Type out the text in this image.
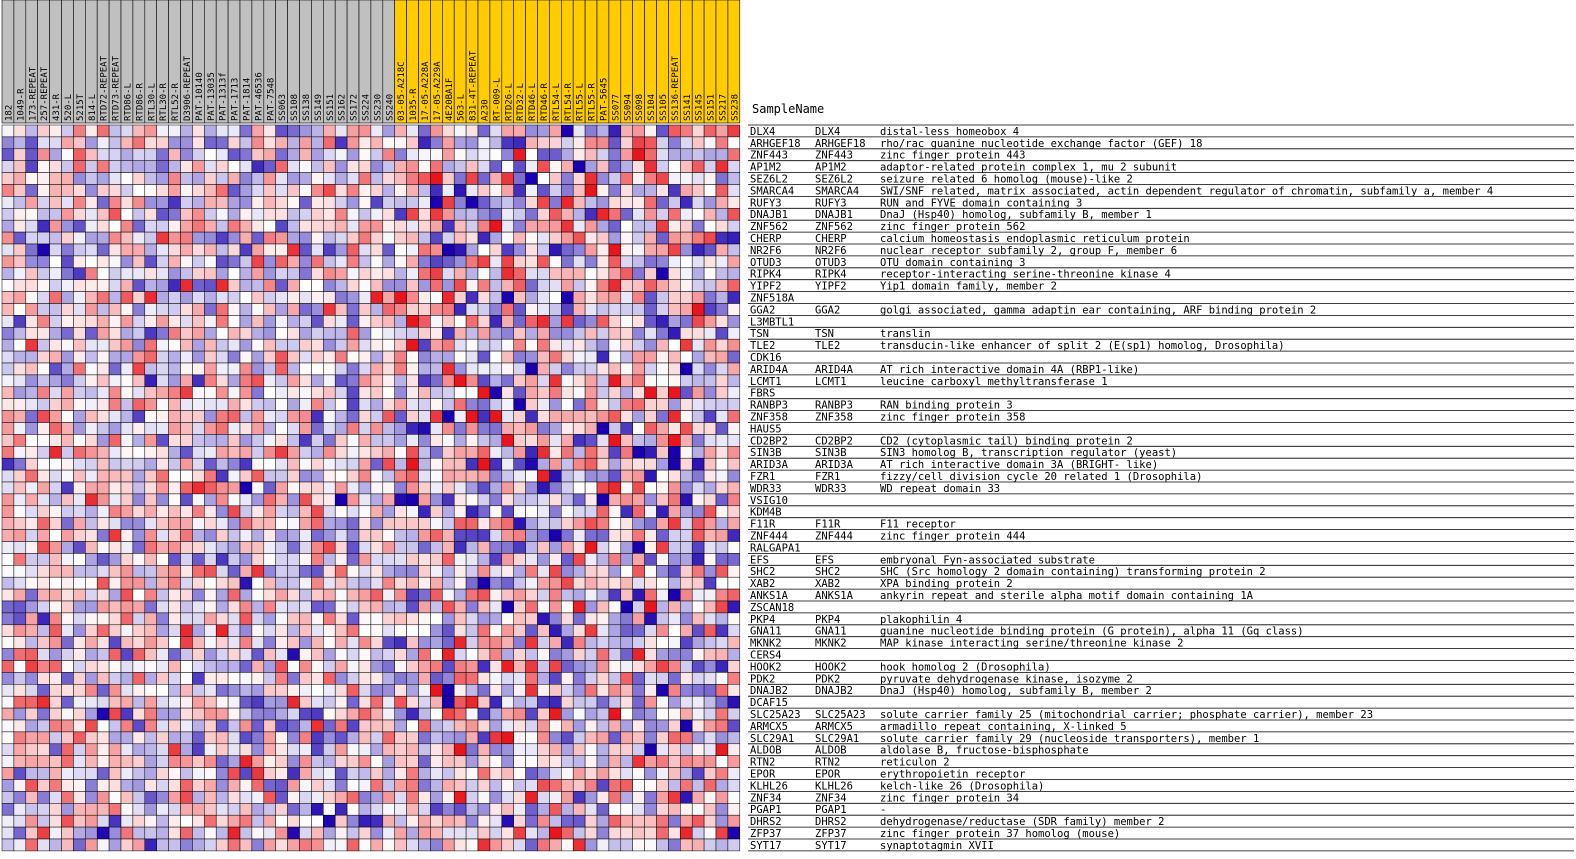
182 1049-R 173-REPEAT 257-REPEAT 431-R 520-L 5215T 814-L RTD72-REPEAT RTD73-REPEAT RTD86-L RTD86-R RTL30-L RTL30-R RTL52-R D3906-REPEAT PAT-10140 PAT-13035 PAT-1313f PAT-1713 PAT-1814 PAT-46536 PAT-7548 SS063 SS108 SS138 SS149 SS151 SS162 SS172 SS224 SS230 SS240 03-05-A218C 1035-R 17-05-A228A 17-05-A229A 4E20BA1F 563-L 831-4T-REPEAT A230 RT-009-L RTD26-L RTD32-L RTD46-L RTD46-R RTL54-L RTL54-R RTL55-L RTL55-R PAT-5645 SS077 SS094 SS098 SS104 SS105 SS136-REPEAT SS141 SS145 SS151 SS217 SS238 SampleName
DLX4	DLX4	distal-less homeobox 4
ARHGEF18 ARHGEF18 rho/rac guanine nucleotide exchange factor (GEF) 18
ZNF443	ZNF443	zinc finger protein 443
AP1M2	AP1M2	adaptor-related protein complex 1, mu 2 subunit
SEZ6L2	SEZ6L2	seizure related 6 homolog (mouse)-like 2
SMARCA4 SMARCA4 SWI/SNF related, matrix associated, actin dependent regulator of chromatin, subfamily a, member 4
RUFY3	RUFY3	RUN and FYVE domain containing 3
DNAJB1	DNAJB1	DnaJ (Hsp40) homolog, subfamily B, member 1
ZNF562	ZNF562	zinc finger protein 562
CHERP	CHERP	calcium homeostasis endoplasmic reticulum protein
NR2F6	NR2F6	nuclear receptor subfamily 2, group F, member 6
OTUD3	OTUD3	OTU domain containing 3
RIPK4	RIPK4	receptor-interacting serine-threonine kinase 4
YIPF2	YIPF2	Yip1 domain family, member 2
ZNF518A
GGA2	GGA2	golgi associated, gamma adaptin ear containing, ARF binding protein 2
L3MBTL1
TSN	TSN	translin
TLE2	TLE2	transducin-like enhancer of split 2 (E(sp1) homolog, Drosophila)
CDK16
ARID4A	ARID4A	AT rich interactive domain 4A (RBP1-like)
LCMT1	LCMT1	leucine carboxyl methyltransferase 1
FBRS
RANBP3	RANBP3	RAN binding protein 3
ZNF358	ZNF358	zinc finger protein 358
HAUS5
CD2BP2	CD2BP2	CD2 (cytoplasmic tail) binding protein 2
SIN3B	SIN3B	SIN3 homolog B, transcription regulator (yeast)
ARID3A	ARID3A	AT rich interactive domain 3A (BRIGHT- like)
FZR1	FZR1	fizzy/cell division cycle 20 related 1 (Drosophila)
WDR33	WDR33	WD repeat domain 33
VSIG10
KDM4B
F11R	F11R	F11 receptor
ZNF444	ZNF444	zinc finger protein 444
RALGAPA1
EFS	EFS	embryonal Fyn-associated substrate
SHC2	SHC2	SHC (Src homology 2 domain containing) transforming protein 2
XAB2	XAB2	XPA binding protein 2
ANKS1A	ANKS1A	ankyrin repeat and sterile alpha motif domain containing 1A
ZSCAN18
PKP4	PKP4	plakophilin 4
GNA11	GNA11	guanine nucleotide binding protein (G protein), alpha 11 (Gq class)
MKNK2	MKNK2	MAP kinase interacting serine/threonine kinase 2
CERS4
HOOK2	HOOK2	hook homolog 2 (Drosophila)
PDK2	PDK2	pyruvate dehydrogenase kinase, isozyme 2
DNAJB2	DNAJB2	DnaJ (Hsp40) homolog, subfamily B, member 2
DCAF15
SLC25A23 SLC25A23 solute carrier family 25 (mitochondrial carrier; phosphate carrier), member 23
ARMCX5	ARMCX5	armadillo repeat containing, X-linked 5
SLC29A1 SLC29A1 solute carrier family 29 (nucleoside transporters), member 1
ALDOB	ALDOB	aldolase B, fructose-bisphosphate
RTN2	RTN2	reticulon 2
EPOR	EPOR	erythropoietin receptor
KLHL26	KLHL26	kelch-like 26 (Drosophila)
ZNF34	ZNF34	zinc finger protein 34
PGAP1	PGAP1	-
DHRS2	DHRS2	dehydrogenase/reductase (SDR family) member 2
ZFP37	ZFP37	zinc finger protein 37 homolog (mouse)
SYT17	SYT17	synaptotagmin XVII
